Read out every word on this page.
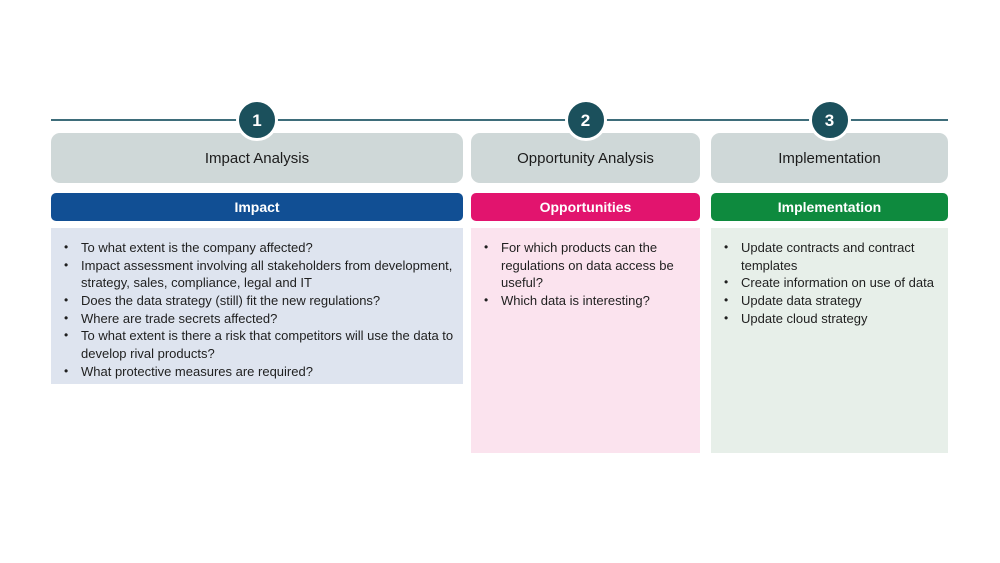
1
Impact Analysis
Impact
• To what extent is the company affected?
• Impact assessment involving all stakeholders from development, strategy, sales, compliance, legal and IT
• Does the data strategy (still) fit the new regulations?
• Where are trade secrets affected?
• To what extent is there a risk that competitors will use the data to develop rival products?
• What protective measures are required?
2
Opportunity Analysis
Opportunities
• For which products can the regulations on data access be useful?
• Which data is interesting?
3
Implementation
Implementation
• Update contracts and contract templates
• Create information on use of data
• Update data strategy
• Update cloud strategy
